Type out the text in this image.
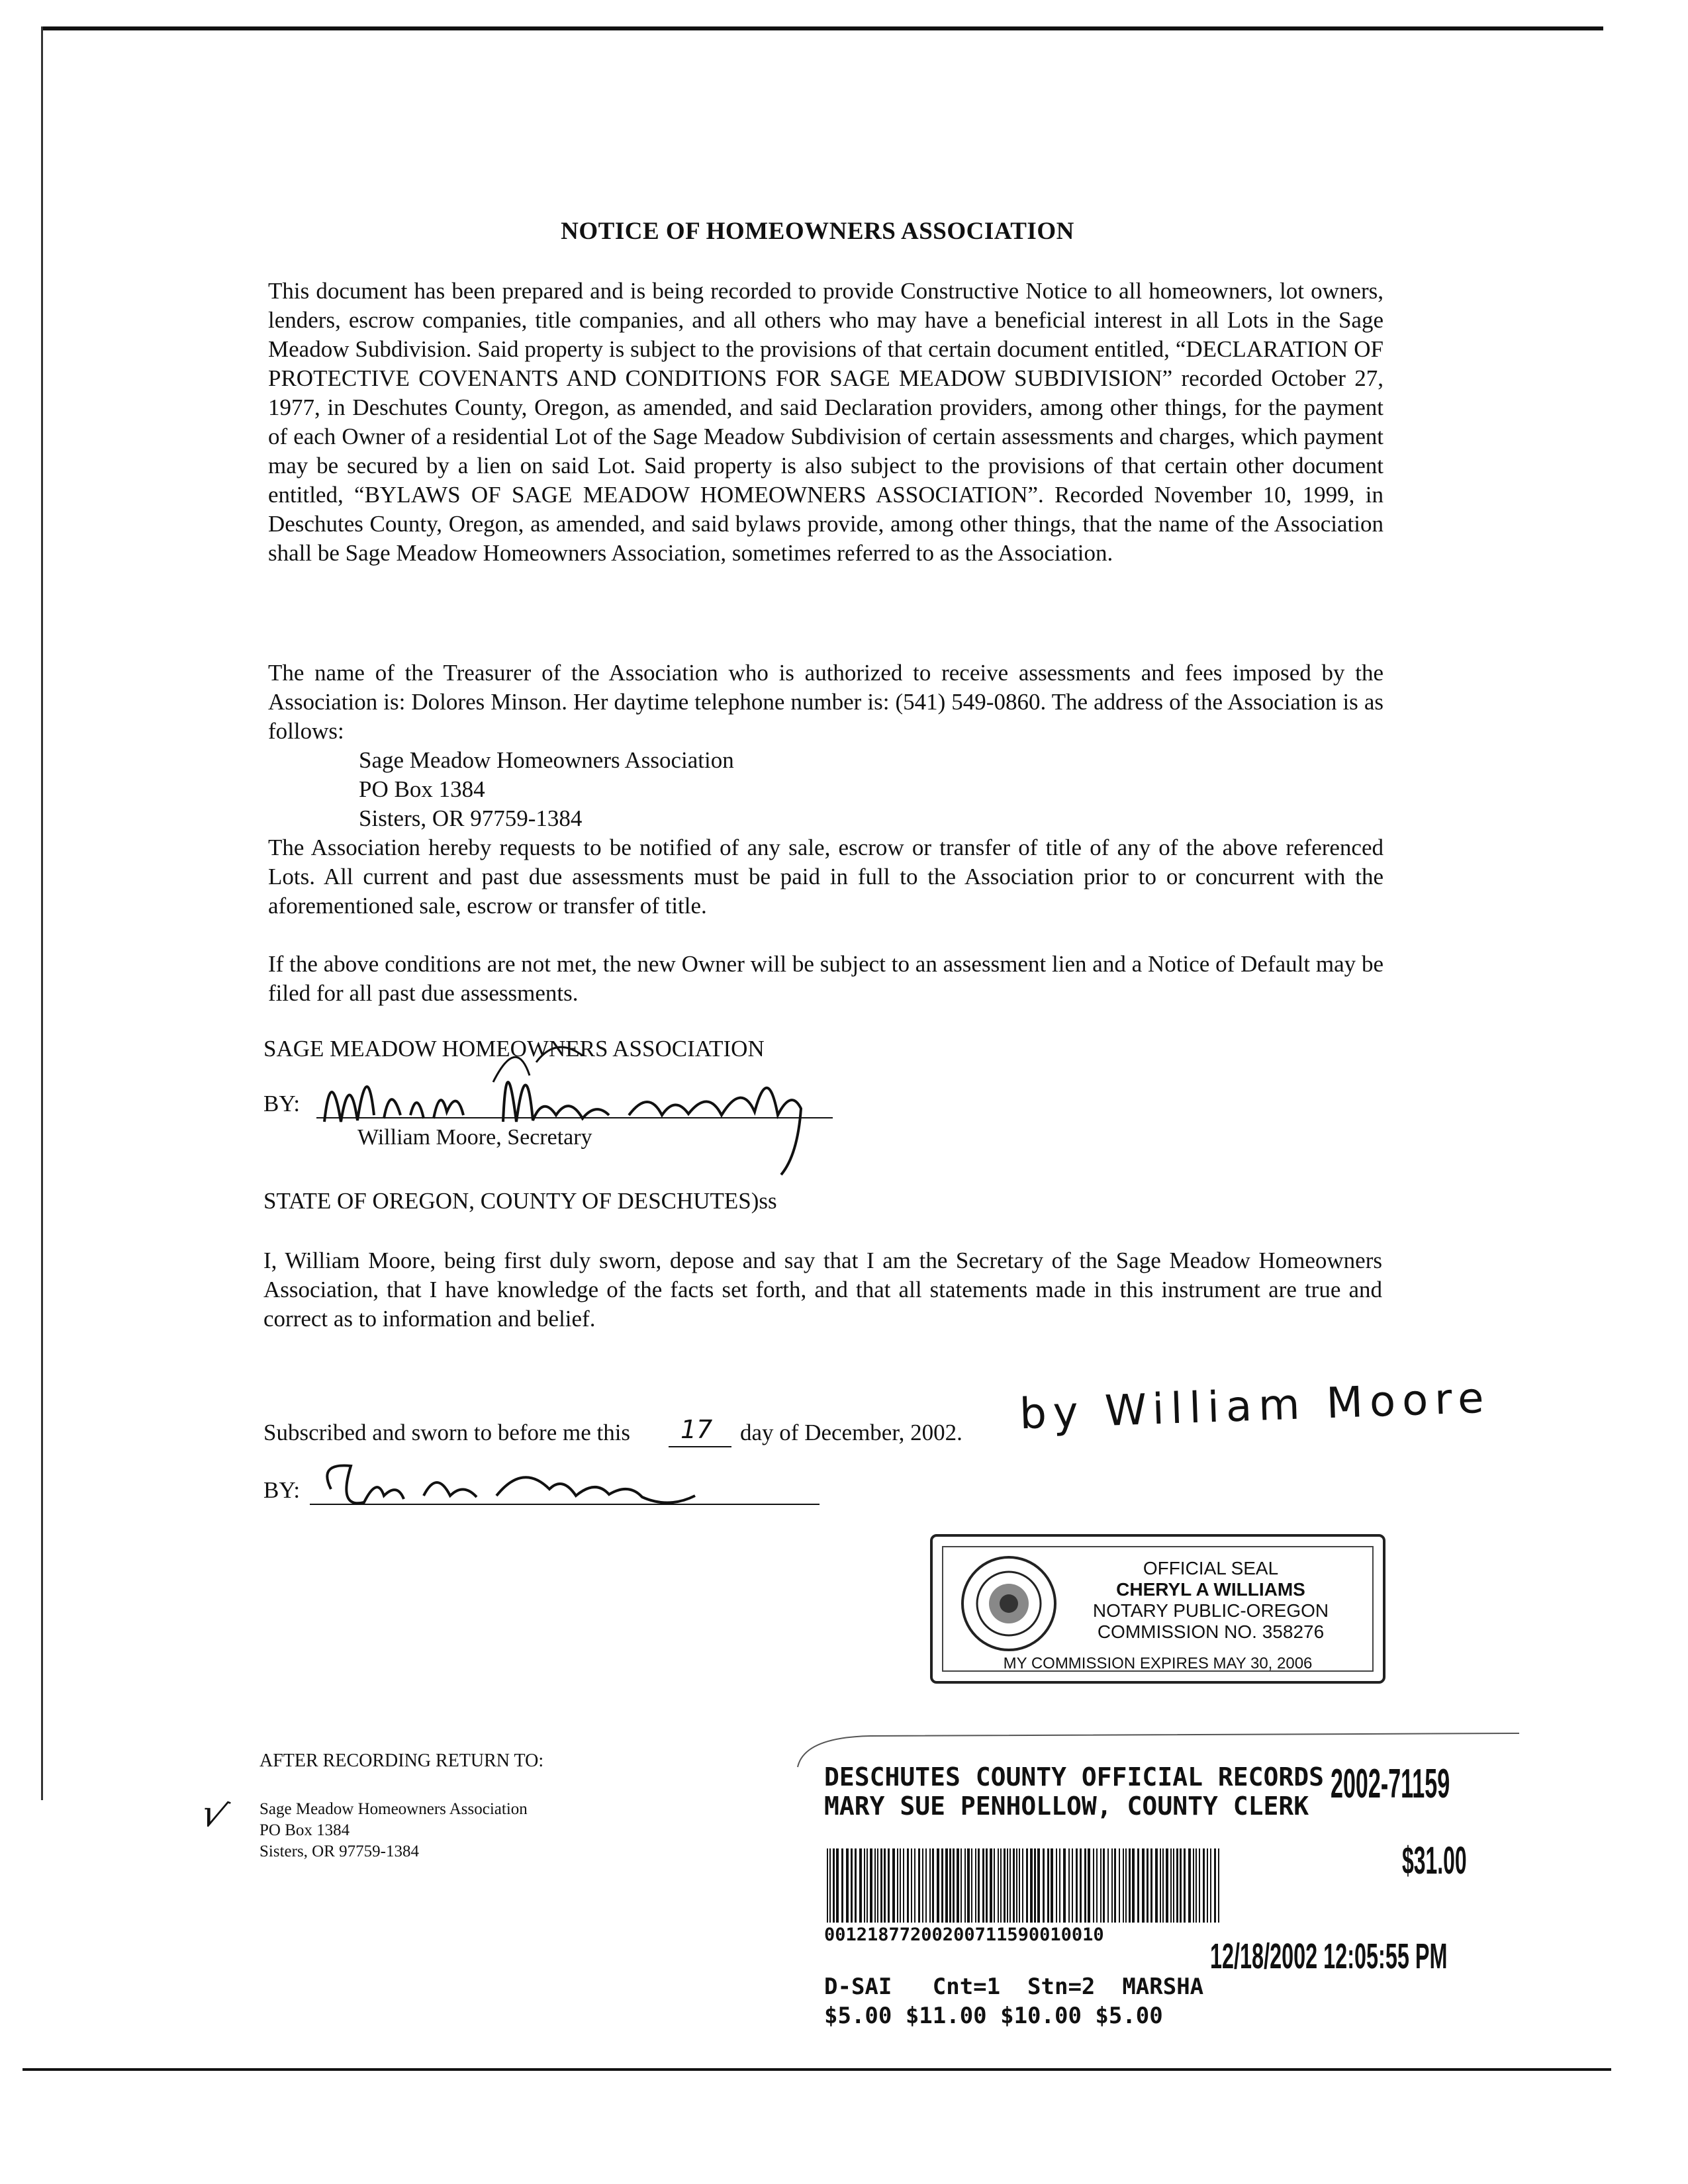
NOTICE OF HOMEOWNERS ASSOCIATION

This document has been prepared and is being recorded to provide Constructive Notice to all homeowners, lot owners, lenders, escrow companies, title companies, and all others who may have a beneficial interest in all Lots in the Sage Meadow Subdivision. Said property is subject to the provisions of that certain document entitled, “DECLARATION OF PROTECTIVE COVENANTS AND CONDITIONS FOR SAGE MEADOW SUBDIVISION” recorded October 27, 1977, in Deschutes County, Oregon, as amended, and said Declaration providers, among other things, for the payment of each Owner of a residential Lot of the Sage Meadow Subdivision of certain assessments and charges, which payment may be secured by a lien on said Lot. Said property is also subject to the provisions of that certain other document entitled, “BYLAWS OF SAGE MEADOW HOMEOWNERS ASSOCIATION”. Recorded November 10, 1999, in Deschutes County, Oregon, as amended, and said bylaws provide, among other things, that the name of the Association shall be Sage Meadow Homeowners Association, sometimes referred to as the Association.

The name of the Treasurer of the Association who is authorized to receive assessments and fees imposed by the Association is: Dolores Minson. Her daytime telephone number is: (541) 549-0860. The address of the Association is as follows:

Sage Meadow Homeowners Association
PO Box 1384
Sisters, OR 97759-1384

The Association hereby requests to be notified of any sale, escrow or transfer of title of any of the above referenced Lots. All current and past due assessments must be paid in full to the Association prior to or concurrent with the aforementioned sale, escrow or transfer of title.

If the above conditions are not met, the new Owner will be subject to an assessment lien and a Notice of Default may be filed for all past due assessments.

SAGE MEADOW HOMEOWNERS ASSOCIATION
BY:
William Moore, Secretary
STATE OF OREGON, COUNTY OF DESCHUTES)ss

I, William Moore, being first duly sworn, depose and say that I am the Secretary of the Sage Meadow Homeowners Association, that I have knowledge of the facts set forth, and that all statements made in this instrument are true and correct as to information and belief.

Subscribed and sworn to before me this 17 day of December, 2002. by William Moore
BY:
OFFICIAL SEAL
CHERYL A WILLIAMS
NOTARY PUBLIC-OREGON
COMMISSION NO. 358276
MY COMMISSION EXPIRES MAY 30, 2006
AFTER RECORDING RETURN TO:
√ Sage Meadow Homeowners Association
PO Box 1384
Sisters, OR 97759-1384
DESCHUTES COUNTY OFFICIAL RECORDS
MARY SUE PENHOLLOW, COUNTY CLERK 2002-71159
$31.00
00121877200200711590010010
12/18/2002 12:05:55 PM
D-SAI   Cnt=1  Stn=2  MARSHA
$5.00 $11.00 $10.00 $5.00
